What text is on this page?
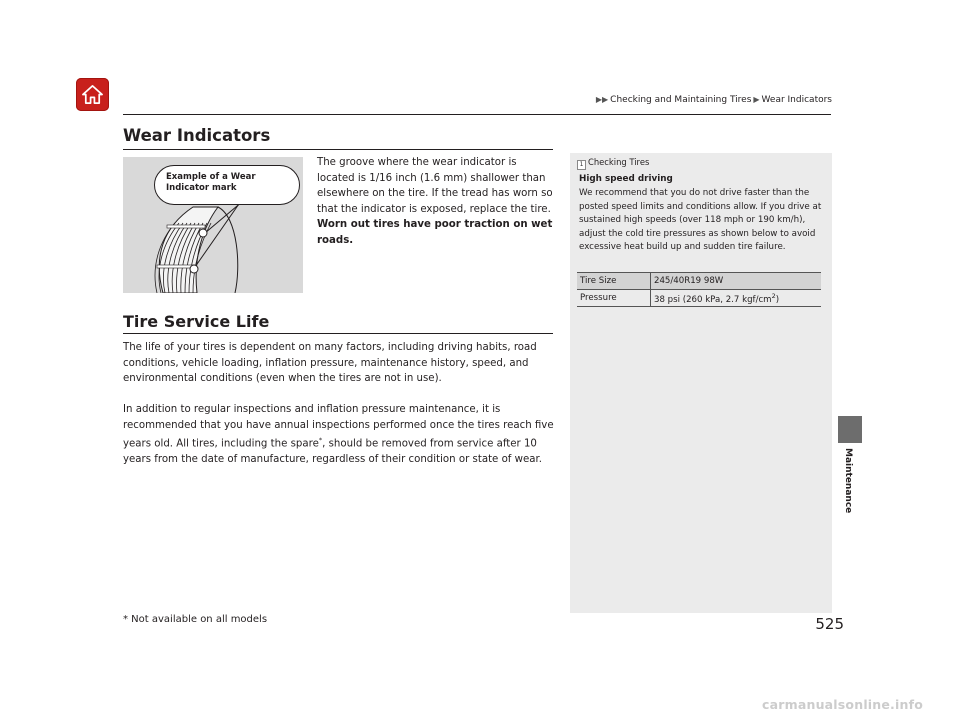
▶▶ Checking and Maintaining Tires ▶ Wear Indicators
Wear Indicators
Example of a Wear Indicator mark

The groove where the wear indicator is located is 1/16 inch (1.6 mm) shallower than elsewhere on the tire. If the tread has worn so that the indicator is exposed, replace the tire. Worn out tires have poor traction on wet roads.

Tire Service Life

The life of your tires is dependent on many factors, including driving habits, road conditions, vehicle loading, inflation pressure, maintenance history, speed, and environmental conditions (even when the tires are not in use).

In addition to regular inspections and inflation pressure maintenance, it is recommended that you have annual inspections performed once the tires reach five years old. All tires, including the spare*, should be removed from service after 10 years from the date of manufacture, regardless of their condition or state of wear.

1 Checking Tires
High speed driving
We recommend that you do not drive faster than the posted speed limits and conditions allow. If you drive at sustained high speeds (over 118 mph or 190 km/h), adjust the cold tire pressures as shown below to avoid excessive heat build up and sudden tire failure.
Tire Size	245/40R19 98W
Pressure	38 psi (260 kPa, 2.7 kgf/$cm^2$)
Maintenance
* Not available on all models	525
carmanualsonline.info
